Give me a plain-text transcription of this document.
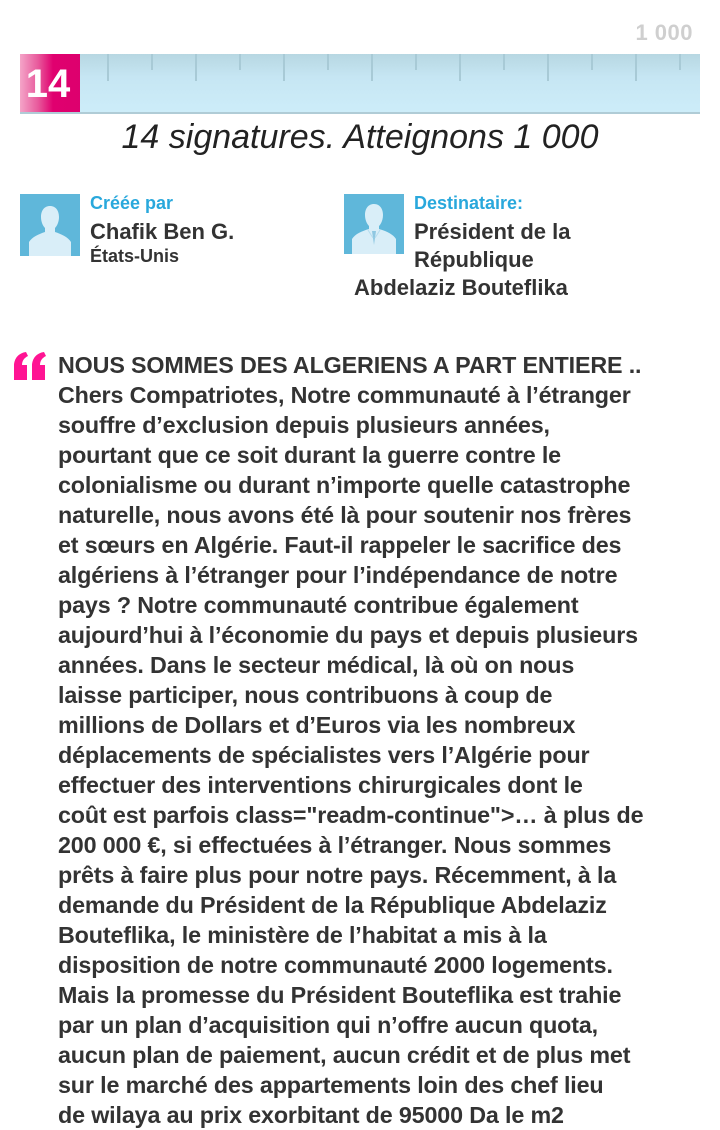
1 000
14
14 signatures. Atteignons 1 000
Créée par
Chafik Ben G.
États-Unis
Destinataire:
Président de la
République
Abdelaziz Bouteflika
NOUS SOMMES DES ALGERIENS A PART ENTIERE ..
Chers Compatriotes, Notre communauté à l’étranger
souffre d’exclusion depuis plusieurs années,
pourtant que ce soit durant la guerre contre le
colonialisme ou durant n’importe quelle catastrophe
naturelle, nous avons été là pour soutenir nos frères
et sœurs en Algérie. Faut-il rappeler le sacrifice des
algériens à l’étranger pour l’indépendance de notre
pays ? Notre communauté contribue également
aujourd’hui à l’économie du pays et depuis plusieurs
années. Dans le secteur médical, là où on nous
laisse participer, nous contribuons à coup de
millions de Dollars et d’Euros via les nombreux
déplacements de spécialistes vers l’Algérie pour
effectuer des interventions chirurgicales dont le
coût est parfois class="readm-continue">… à plus de
200 000 €, si effectuées à l’étranger. Nous sommes
prêts à faire plus pour notre pays. Récemment, à la
demande du Président de la République Abdelaziz
Bouteflika, le ministère de l’habitat a mis à la
disposition de notre communauté 2000 logements.
Mais la promesse du Président Bouteflika est trahie
par un plan d’acquisition qui n’offre aucun quota,
aucun plan de paiement, aucun crédit et de plus met
sur le marché des appartements loin des chef lieu
de wilaya au prix exorbitant de 95000 Da le m2
